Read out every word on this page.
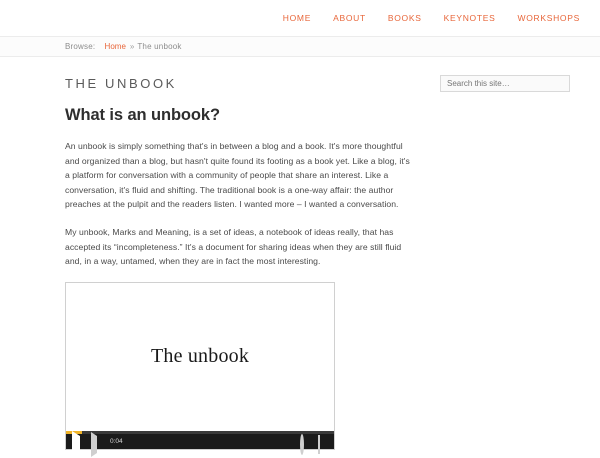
HOME	ABOUT	BOOKS	KEYNOTES	WORKSHOPS
Browse:
Home » The unbook
THE UNBOOK
Search this site…
What is an unbook?

An unbook is simply something that's in between a blog and a book. It's more thoughtful and organized than a blog, but hasn't quite found its footing as a book yet. Like a blog, it's a platform for conversation with a community of people that share an interest. Like a conversation, it's fluid and shifting. The traditional book is a one-way affair: the author preaches at the pulpit and the readers listen. I wanted more – I wanted a conversation.

My unbook, Marks and Meaning, is a set of ideas, a notebook of ideas really, that has accepted its “incompleteness.” It's a document for sharing ideas when they are still fluid and, in a way, untamed, when they are in fact the most interesting.

The unbook
0:04
